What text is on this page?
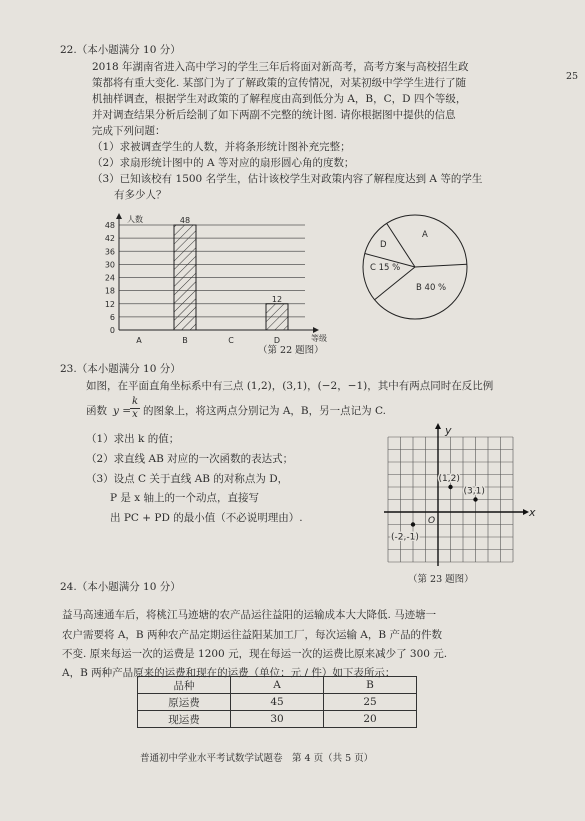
25
22.（本小题满分 10 分）
2018 年湖南省进入高中学习的学生三年后将面对新高考，高考方案与高校招生政
策都将有重大变化. 某部门为了了解政策的宣传情况，对某初级中学学生进行了随
机抽样调查，根据学生对政策的了解程度由高到低分为 A，B，C，D 四个等级，
并对调查结果分析后绘制了如下两副不完整的统计图. 请你根据图中提供的信息
完成下列问题：
（1）求被调查学生的人数，并将条形统计图补充完整；
（2）求扇形统计图中的 A 等对应的扇形圆心角的度数；
（3）已知该校有 1500 名学生，估计该校学生对政策内容了解程度达到 A 等的学生
有多少人？
0
6
12
18
24
30
36
42
48
人数
等级
A	B
48
C	D
12
A
B 40 %
C 15 %
D
（第 22 题图）
23.（本小题满分 10 分）
如图，在平面直角坐标系中有三点 (1,2)，(3,1)，(−2，−1)，其中有两点同时在反比例
函数 y =
$\frac{k}{x}$ 的图象上，将这两点分别记为 A，B，另一点记为 C.
（1）求出 k 的值；
（2）求直线 AB 对应的一次函数的表达式；
（3）设点 C 关于直线 AB 的对称点为 D，
P 是 x 轴上的一个动点，直接写
出 PC + PD 的最小值（不必说明理由）.	x
y
O
(1,2)
(3,1)
(-2,-1)
（第 23 题图）
24.（本小题满分 10 分）
益马高速通车后，将桃江马迹塘的农产品运往益阳的运输成本大大降低. 马迹塘一
农户需要将 A，B 两种农产品定期运往益阳某加工厂，每次运输 A，B 产品的件数
不变. 原来每运一次的运费是 1200 元，现在每运一次的运费比原来减少了 300 元.
A，B 两种产品原来的运费和现在的运费（单位：元 / 件）如下表所示：
品种	A	B
原运费	45	25
现运费	30	20
普通初中学业水平考试数学试题卷　第 4 页（共 5 页）
